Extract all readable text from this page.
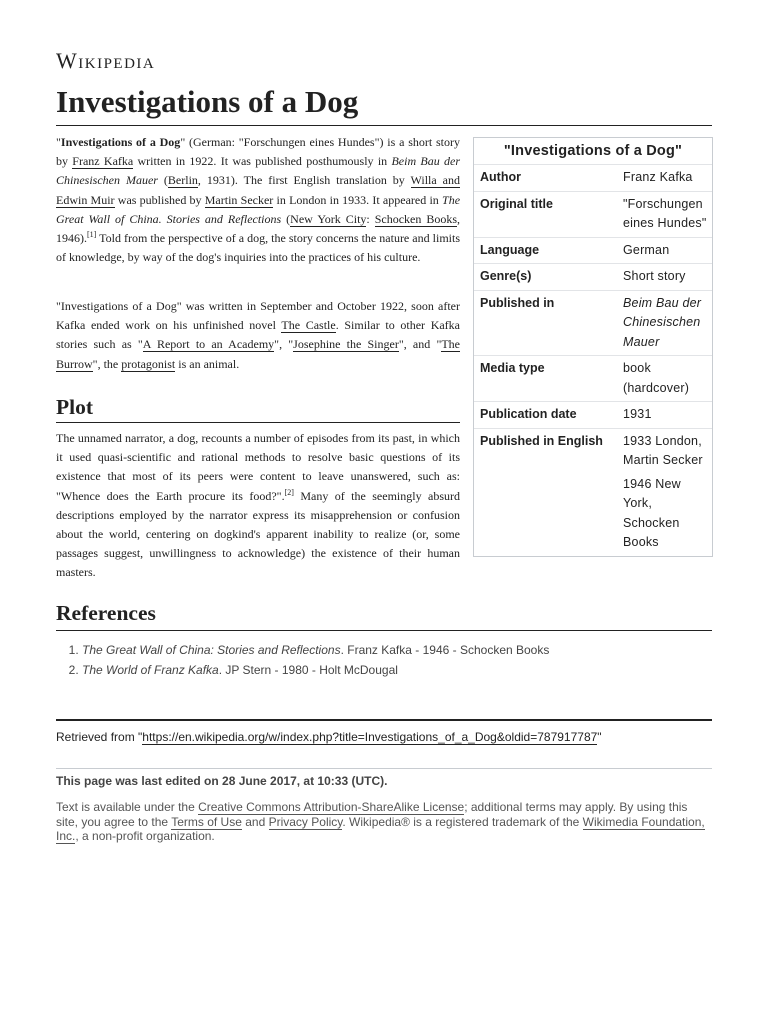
Wikipedia
Investigations of a Dog

"Investigations of a Dog" (German: "Forschungen eines Hundes") is a short story by Franz Kafka written in 1922. It was published posthumously in Beim Bau der Chinesischen Mauer (Berlin, 1931). The first English translation by Willa and Edwin Muir was published by Martin Secker in London in 1933. It appeared in The Great Wall of China. Stories and Reflections (New York City: Schocken Books, 1946).[1] Told from the perspective of a dog, the story concerns the nature and limits of knowledge, by way of the dog's inquiries into the practices of his culture.

"Investigations of a Dog" was written in September and October 1922, soon after Kafka ended work on his unfinished novel The Castle. Similar to other Kafka stories such as "A Report to an Academy", "Josephine the Singer", and "The Burrow", the protagonist is an animal.

Plot

The unnamed narrator, a dog, recounts a number of episodes from its past, in which it used quasi-scientific and rational methods to resolve basic questions of its existence that most of its peers were content to leave unanswered, such as: "Whence does the Earth procure its food?".[2] Many of the seemingly absurd descriptions employed by the narrator express its misapprehension or confusion about the world, centering on dogkind's apparent inability to realize (or, some passages suggest, unwillingness to acknowledge) the existence of their human masters.

"Investigations of a Dog"
Author	Franz Kafka
Original title	"Forschungen eines Hundes"
Language	German
Genre(s)	Short story
Published in	Beim Bau der Chinesischen Mauer
Media type	book (hardcover)
Publication date	1931
Published in English	1933 London, Martin Secker
1946 New York, Schocken Books
References
1. The Great Wall of China: Stories and Reflections. Franz Kafka - 1946 - Schocken Books
2. The World of Franz Kafka. JP Stern - 1980 - Holt McDougal
Retrieved from "https://en.wikipedia.org/w/index.php?title=Investigations_of_a_Dog&oldid=787917787"
This page was last edited on 28 June 2017, at 10:33 (UTC).

Text is available under the Creative Commons Attribution-ShareAlike License; additional terms may apply. By using this site, you agree to the Terms of Use and Privacy Policy. Wikipedia® is a registered trademark of the Wikimedia Foundation, Inc., a non-profit organization.
